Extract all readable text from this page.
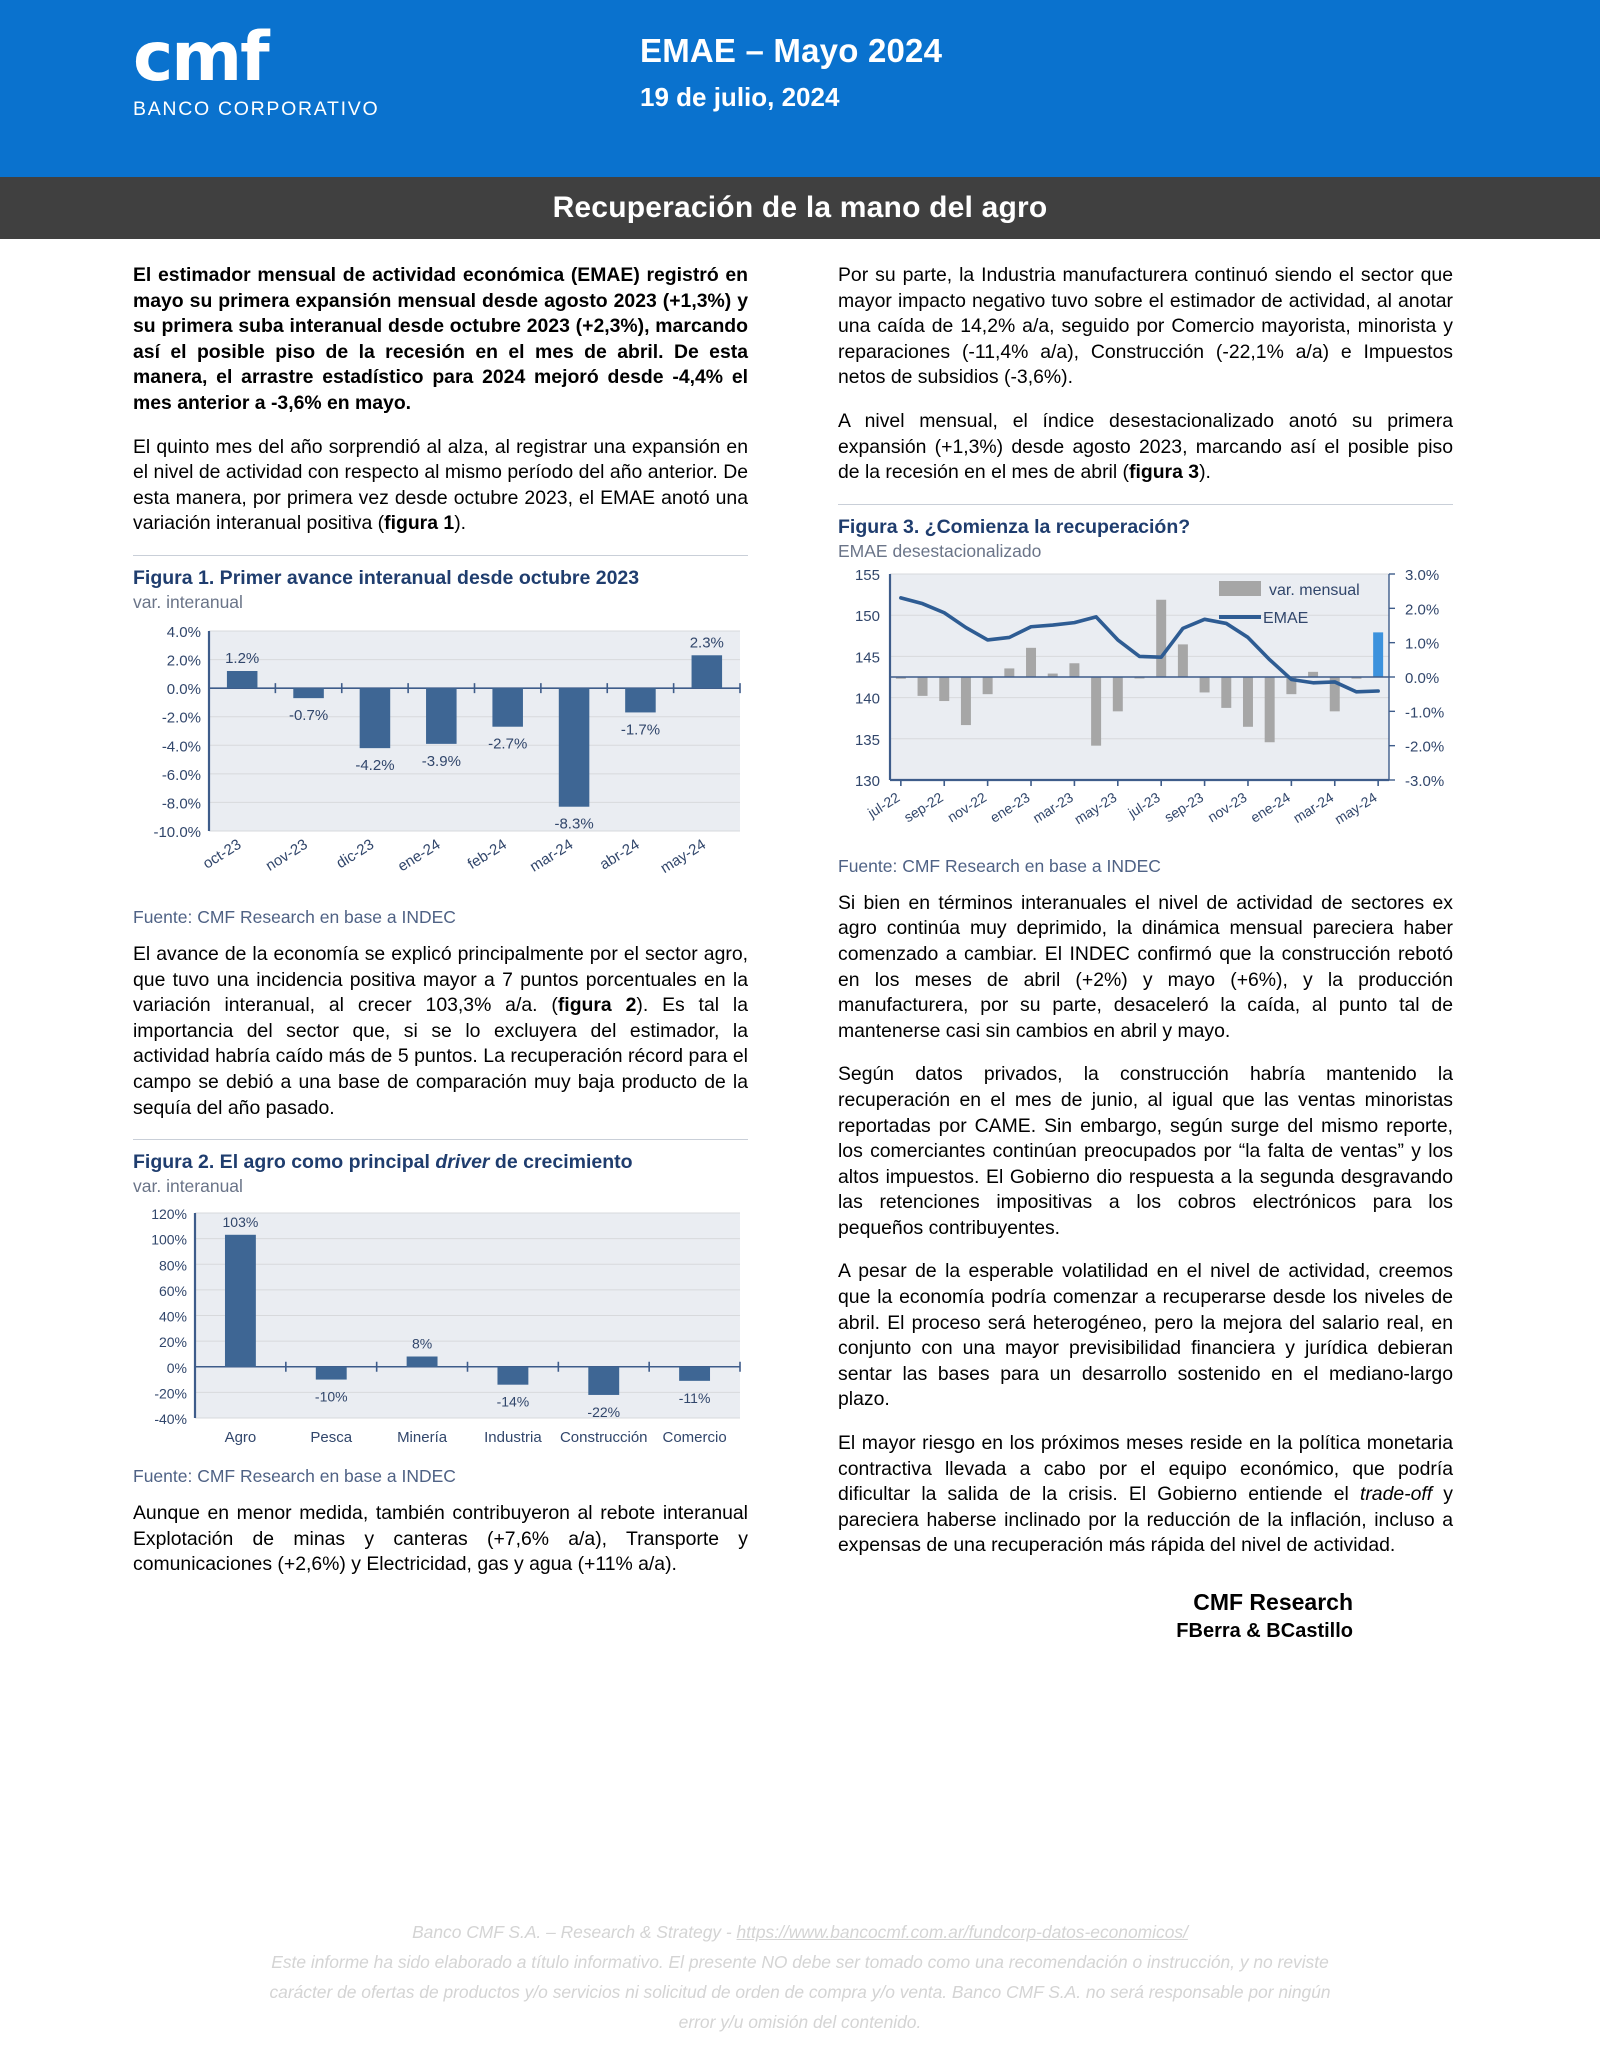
cmf
BANCO CORPORATIVO
EMAE – Mayo 2024
19 de julio, 2024
Recuperación de la mano del agro

El estimador mensual de actividad económica (EMAE) registró en mayo su primera expansión mensual desde agosto 2023 (+1,3%) y su primera suba interanual desde octubre 2023 (+2,3%), marcando así el posible piso de la recesión en el mes de abril. De esta manera, el arrastre estadístico para 2024 mejoró desde -4,4% el mes anterior a -3,6% en mayo.

El quinto mes del año sorprendió al alza, al registrar una expansión en el nivel de actividad con respecto al mismo período del año anterior. De esta manera, por primera vez desde octubre 2023, el EMAE anotó una variación interanual positiva (figura 1).

Figura 1. Primer avance interanual desde octubre 2023
var. interanual
4.0%
2.0%
0.0%
-2.0%
-4.0%
-6.0%
-8.0%
-10.0%
1.2%
-0.7%
-4.2% -3.9%
-2.7%
-8.3%
-1.7%
2.3%
oct-23 nov-23 dic-23 ene-24 feb-24 mar-24 abr-24 may-24
Fuente: CMF Research en base a INDEC

El avance de la economía se explicó principalmente por el sector agro, que tuvo una incidencia positiva mayor a 7 puntos porcentuales en la variación interanual, al crecer 103,3% a/a. (figura 2). Es tal la importancia del sector que, si se lo excluyera del estimador, la actividad habría caído más de 5 puntos. La recuperación récord para el campo se debió a una base de comparación muy baja producto de la sequía del año pasado.

Figura 2. El agro como principal driver de crecimiento
var. interanual
120%
100%
80%
60%
40%
20%
0%
-20%
-40%
103%
-10%
8%
-14%
-22%
-11%
Agro	Pesca	Minería Industria Construcción Comercio
Fuente: CMF Research en base a INDEC

Aunque en menor medida, también contribuyeron al rebote interanual Explotación de minas y canteras (+7,6% a/a), Transporte y comunicaciones (+2,6%) y Electricidad, gas y agua (+11% a/a).

Por su parte, la Industria manufacturera continuó siendo el sector que mayor impacto negativo tuvo sobre el estimador de actividad, al anotar una caída de 14,2% a/a, seguido por Comercio mayorista, minorista y reparaciones (-11,4% a/a), Construcción (-22,1% a/a) e Impuestos netos de subsidios (-3,6%).

A nivel mensual, el índice desestacionalizado anotó su primera expansión (+1,3%) desde agosto 2023, marcando así el posible piso de la recesión en el mes de abril (figura 3).

Figura 3. ¿Comienza la recuperación?
EMAE desestacionalizado
155
150
145
140
135
130
3.0%
2.0%
1.0%
0.0%
-1.0%
-2.0%
-3.0%
jul-22
sep-22
nov-22
ene-23
mar-23
may-23 jul-23
sep-23
nov-23
ene-24
mar-24
may-24
var. mensual
EMAE
Fuente: CMF Research en base a INDEC

Si bien en términos interanuales el nivel de actividad de sectores ex agro continúa muy deprimido, la dinámica mensual pareciera haber comenzado a cambiar. El INDEC confirmó que la construcción rebotó en los meses de abril (+2%) y mayo (+6%), y la producción manufacturera, por su parte, desaceleró la caída, al punto tal de mantenerse casi sin cambios en abril y mayo.

Según datos privados, la construcción habría mantenido la recuperación en el mes de junio, al igual que las ventas minoristas reportadas por CAME. Sin embargo, según surge del mismo reporte, los comerciantes continúan preocupados por “la falta de ventas” y los altos impuestos. El Gobierno dio respuesta a la segunda desgravando las retenciones impositivas a los cobros electrónicos para los pequeños contribuyentes.

A pesar de la esperable volatilidad en el nivel de actividad, creemos que la economía podría comenzar a recuperarse desde los niveles de abril. El proceso será heterogéneo, pero la mejora del salario real, en conjunto con una mayor previsibilidad financiera y jurídica debieran sentar las bases para un desarrollo sostenido en el mediano-largo plazo.

El mayor riesgo en los próximos meses reside en la política monetaria contractiva llevada a cabo por el equipo económico, que podría dificultar la salida de la crisis. El Gobierno entiende el trade-off y pareciera haberse inclinado por la reducción de la inflación, incluso a expensas de una recuperación más rápida del nivel de actividad.

CMF Research
FBerra & BCastillo
Banco CMF S.A. – Research & Strategy - https://www.bancocmf.com.ar/fundcorp-datos-economicos/
Este informe ha sido elaborado a título informativo. El presente NO debe ser tomado como una recomendación o instrucción, y no reviste
carácter de ofertas de productos y/o servicios ni solicitud de orden de compra y/o venta. Banco CMF S.A. no será responsable por ningún
error y/u omisión del contenido.
